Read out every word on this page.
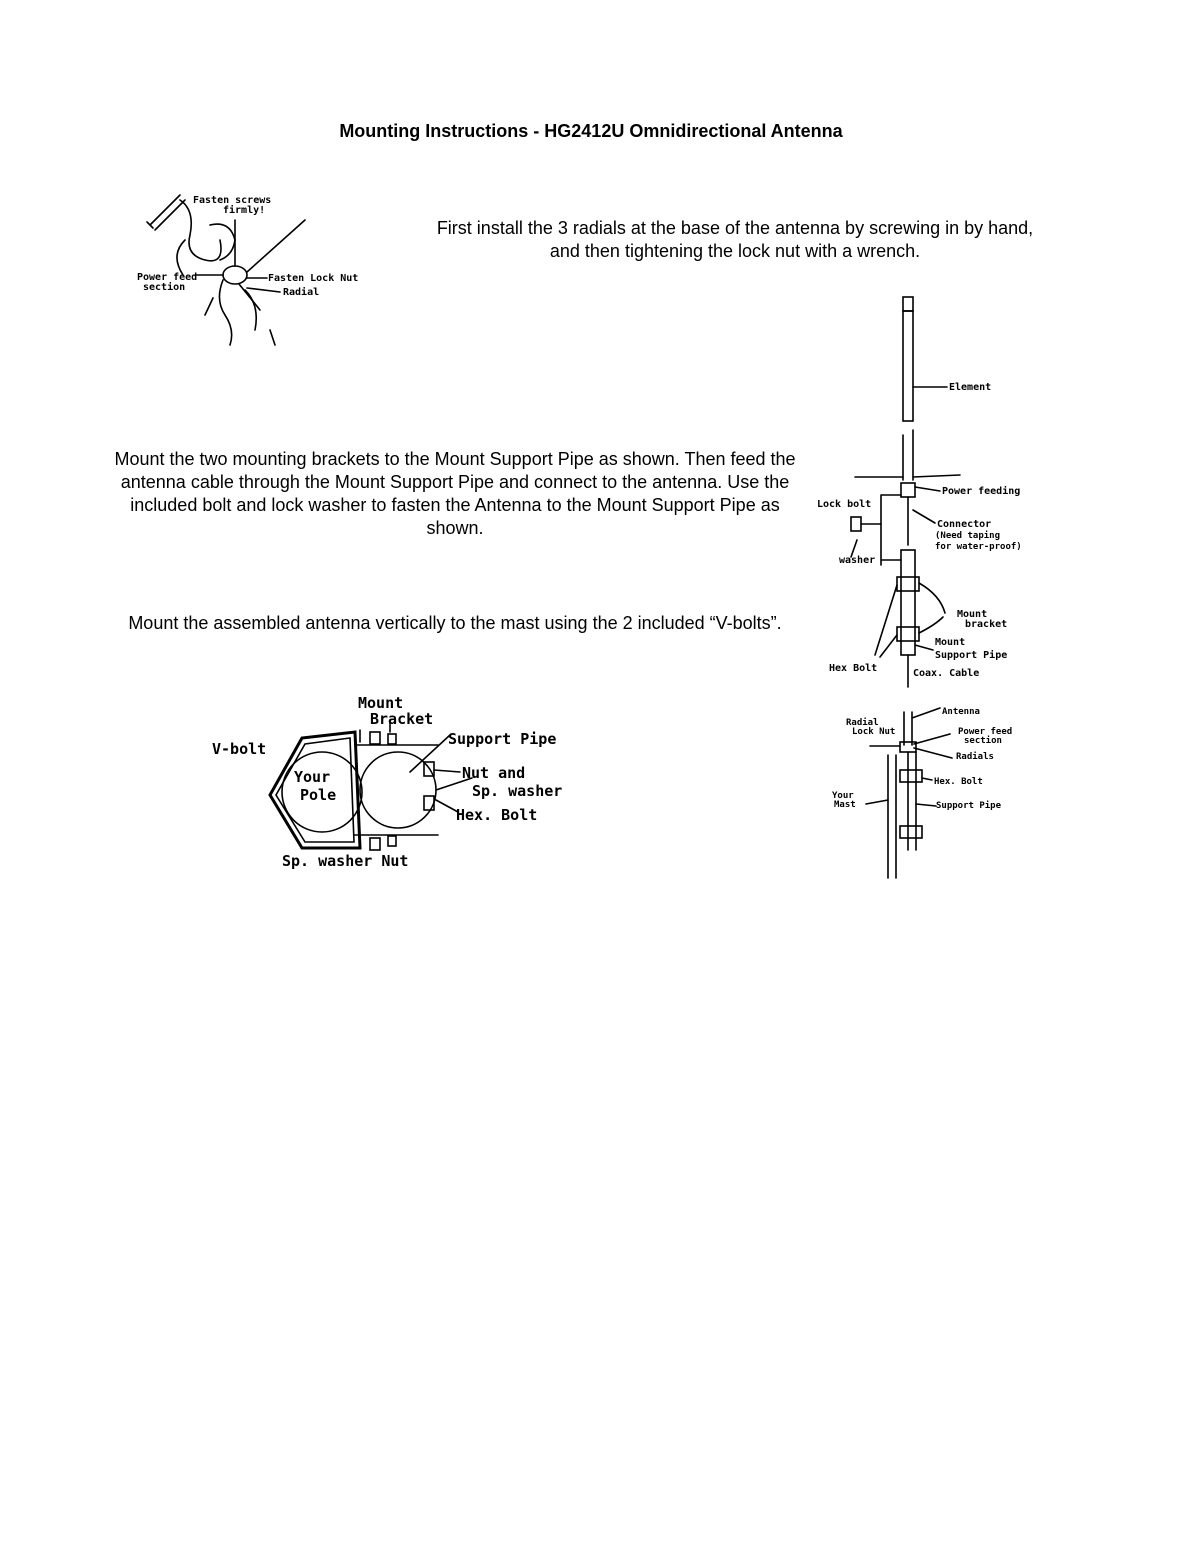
Mounting Instructions - HG2412U Omnidirectional Antenna
First install the 3 radials at the base of the antenna by screwing in by hand, and then tightening the lock nut with a wrench.
Mount the two mounting brackets to the Mount Support Pipe as shown. Then feed the antenna cable through the Mount Support Pipe and connect to the antenna. Use the included bolt and lock washer to fasten the Antenna to the Mount Support Pipe as shown.
Mount the assembled antenna vertically to the mast using the 2 included “V-bolts”.
Fasten screws
firmly!
Power feed
section
Fasten Lock Nut
Radial
Element
Power feeding
Lock bolt
Connector
(Need taping
for water-proof)
washer
Mount
bracket
Mount
Support Pipe
Hex Bolt	Coax. Cable
Mount
Bracket
Support Pipe
V-bolt
Your
Pole
Nut and
Sp. washer
Hex. Bolt
Sp. washer Nut
Antenna
Radial
Lock Nut	Power feed
section
Radials
Hex. Bolt
Your
Mast	Support Pipe
